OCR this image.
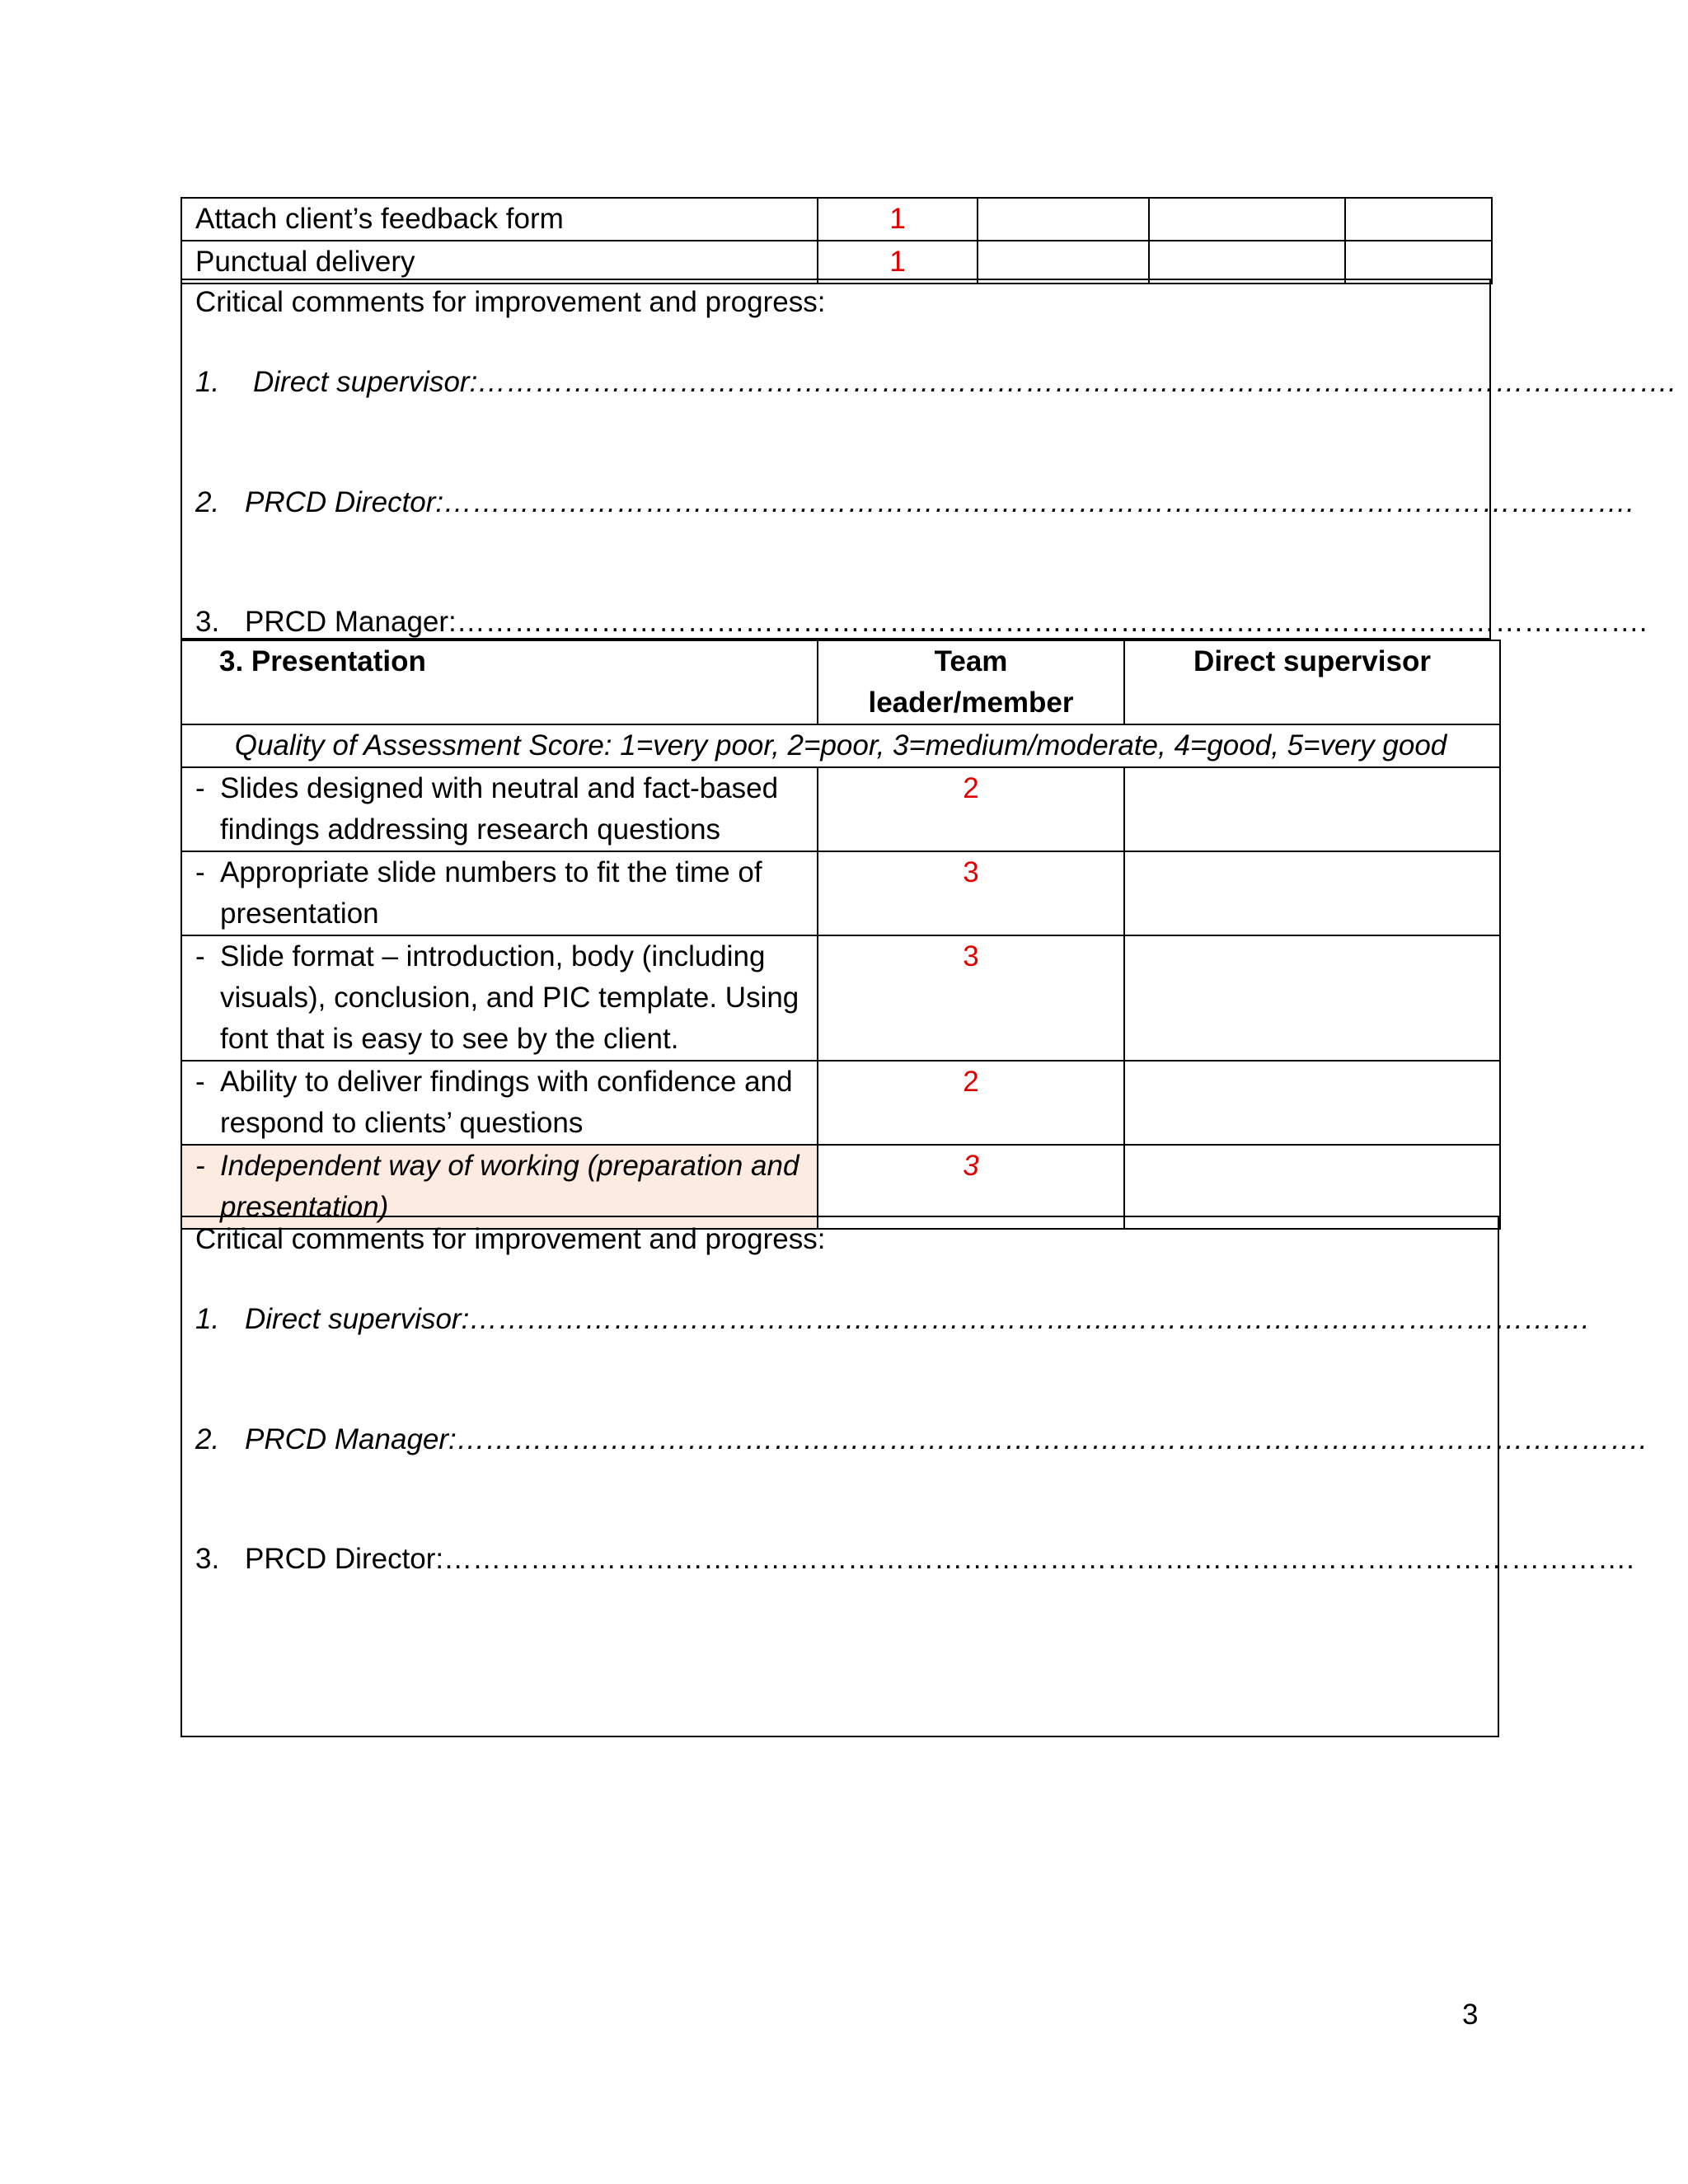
Attach client’s feedback form	1			
Punctual delivery	1			
Critical comments for improvement and progress:
1. Direct supervisor:……………………………………………………………………………………….…………………….
2. PRCD Director:…………………………………………………………………………………………………………….
3. PRCD Manager:…………………………………………………………………………………………………………….
3. Presentation	Team leader/member	Direct supervisor
Quality of Assessment Score: 1=very poor, 2=poor, 3=medium/moderate, 4=good, 5=very good		

- Slides designed with neutral and fact-based findings addressing research questions	2	

- Appropriate slide numbers to fit the time of presentation	3	

- Slide format – introduction, body (including visuals), conclusion, and PIC template. Using font that is easy to see by the client.	3	

- Ability to deliver findings with confidence and respond to clients’ questions	2	

- Independent way of working (preparation and presentation)	3	
Critical comments for improvement and progress:
1. Direct supervisor:…………………………………………………………..………………………………………….
2. PRCD Manager:…………………………………………………………………………………………………………….
3. PRCD Director:…………………………………………………………………………………………………………….
3
